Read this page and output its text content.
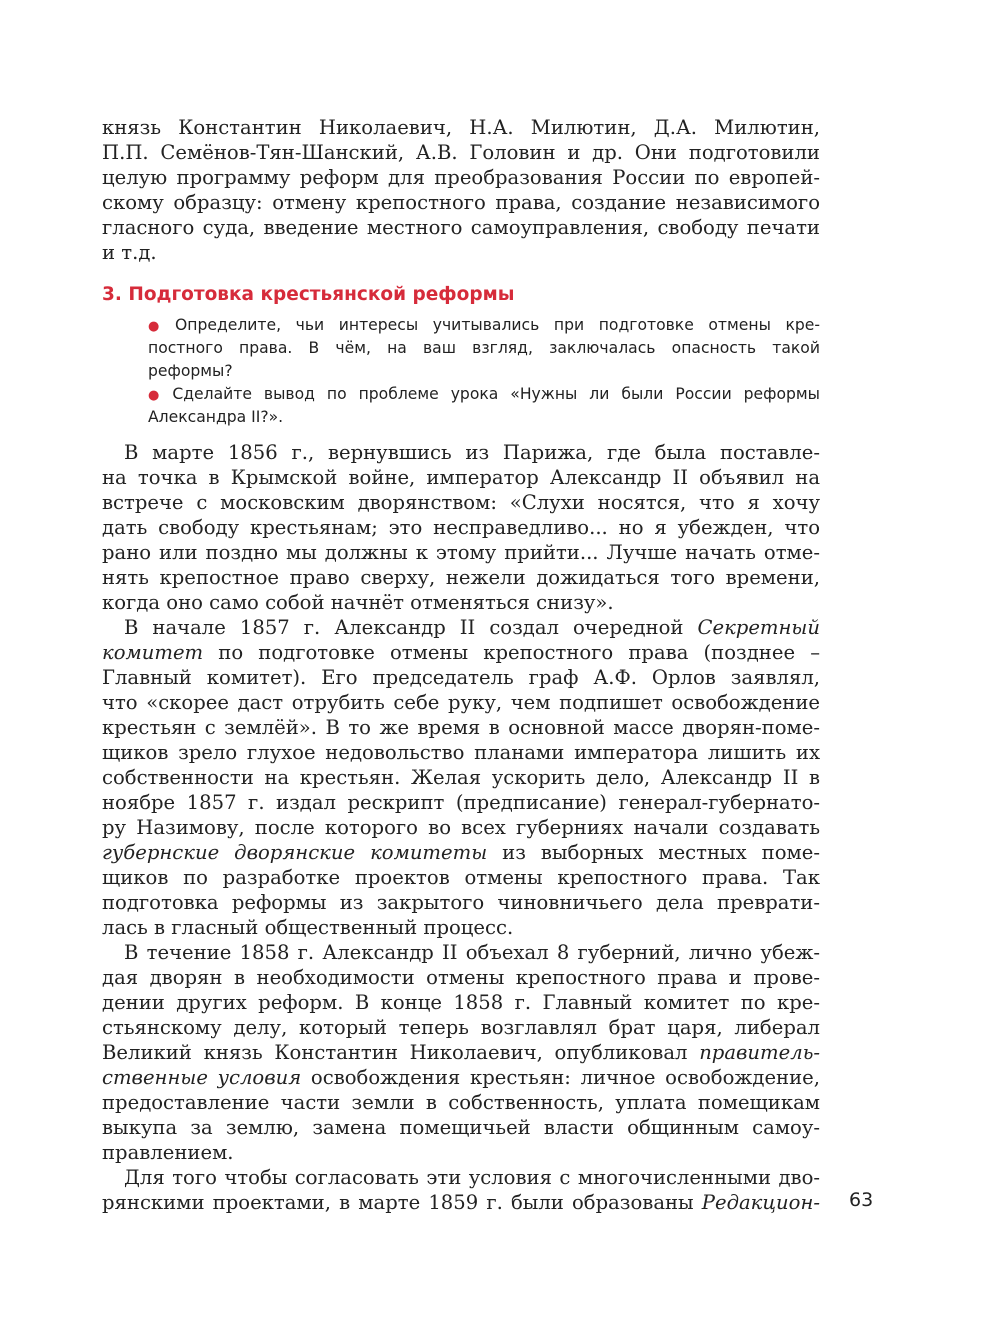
князь Константин Николаевич, Н.А. Милютин, Д.А. Милютин,
П.П. Семёнов-Тян-Шанский, А.В. Головин и др. Они подготовили
целую программу реформ для преобразования России по европей-
скому образцу: отмену крепостного права, создание независимого
гласного суда, введение местного самоуправления, свободу печати
и т.д.
3. Подготовка крестьянской реформы
● Определите, чьи интересы учитывались при подготовке отмены кре-
постного права. В чём, на ваш взгляд, заключалась опасность такой
реформы?
● Сделайте вывод по проблеме урока «Нужны ли были России реформы
Александра II?».
В марте 1856 г., вернувшись из Парижа, где была поставле-
на точка в Крымской войне, император Александр II объявил на
встрече с московским дворянством: «Слухи носятся, что я хочу
дать свободу крестьянам; это несправедливо... но я убежден, что
рано или поздно мы должны к этому прийти... Лучше начать отме-
нять крепостное право сверху, нежели дожидаться того времени,
когда оно само собой начнёт отменяться снизу».
В начале 1857 г. Александр II создал очередной Секретный
комитет по подготовке отмены крепостного права (позднее –
Главный комитет). Его председатель граф А.Ф. Орлов заявлял,
что «скорее даст отрубить себе руку, чем подпишет освобождение
крестьян с землёй». В то же время в основной массе дворян-поме-
щиков зрело глухое недовольство планами императора лишить их
собственности на крестьян. Желая ускорить дело, Александр II в
ноябре 1857 г. издал рескрипт (предписание) генерал-губернато-
ру Назимову, после которого во всех губерниях начали создавать
губернские дворянские комитеты из выборных местных поме-
щиков по разработке проектов отмены крепостного права. Так
подготовка реформы из закрытого чиновничьего дела преврати-
лась в гласный общественный процесс.
В течение 1858 г. Александр II объехал 8 губерний, лично убеж-
дая дворян в необходимости отмены крепостного права и прове-
дении других реформ. В конце 1858 г. Главный комитет по кре-
стьянскому делу, который теперь возглавлял брат царя, либерал
Великий князь Константин Николаевич, опубликовал правитель-
ственные условия освобождения крестьян: личное освобождение,
предоставление части земли в собственность, уплата помещикам
выкупа за землю, замена помещичьей власти общинным самоу-
правлением.
Для того чтобы согласовать эти условия с многочисленными дво-
рянскими проектами, в марте 1859 г. были образованы Редакцион- 63
